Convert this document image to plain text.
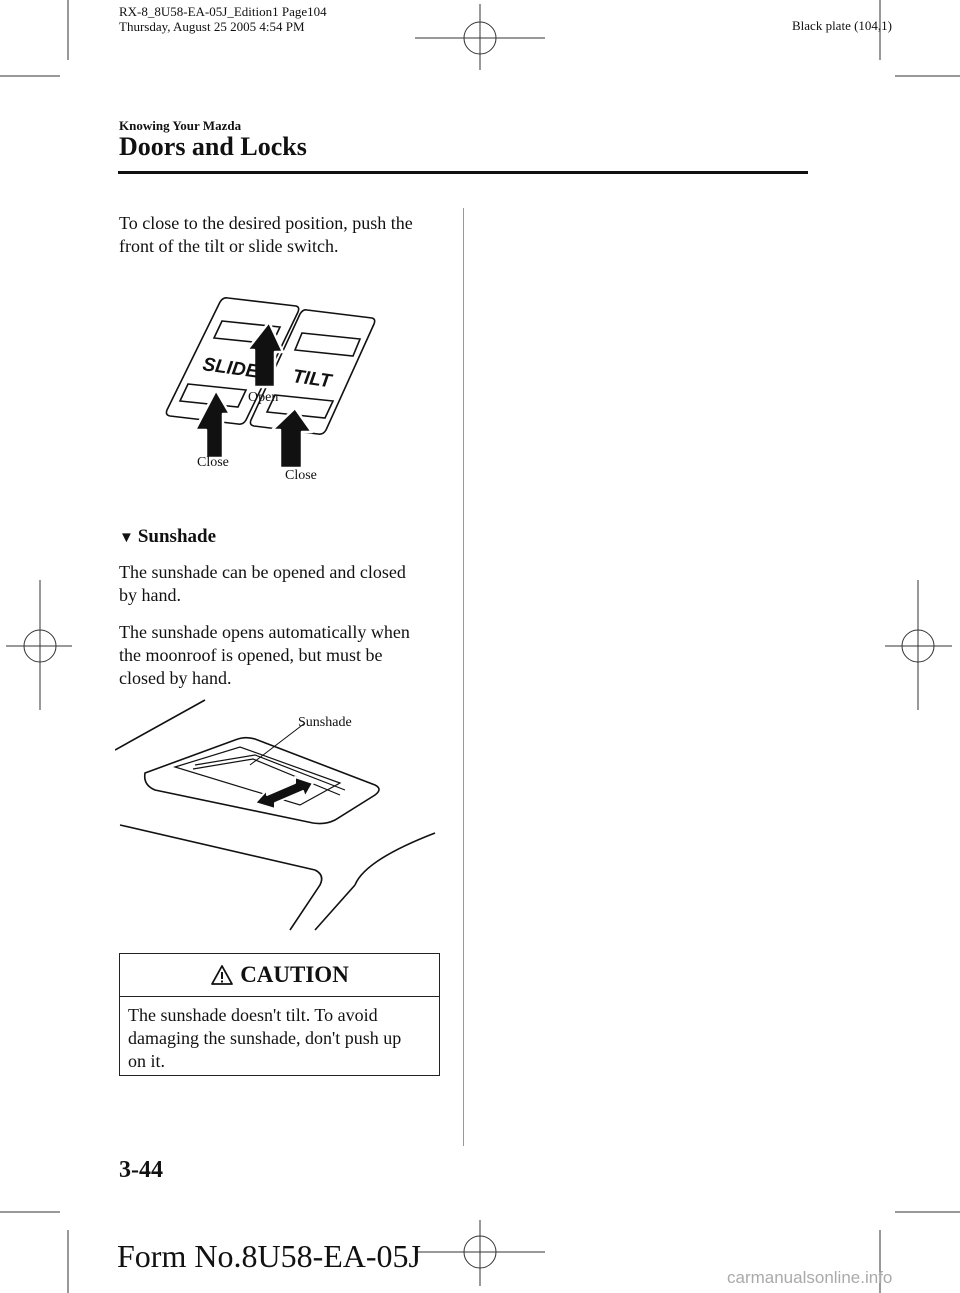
RX-8_8U58-EA-05J_Edition1 Page104
Thursday, August 25 2005 4:54 PM	Black plate (104,1)
Knowing Your Mazda
Doors and Locks
To close to the desired position, push the
front of the tilt or slide switch.
SLIDE TILT
Open
Close
Close
▼ Sunshade
The sunshade can be opened and closed
by hand.
The sunshade opens automatically when
the moonroof is opened, but must be
closed by hand.
Sunshade
CAUTION
The sunshade doesn't tilt. To avoid
damaging the sunshade, don't push up
on it.
3-44
Form No.8U58-EA-05J
carmanualsonline.info
